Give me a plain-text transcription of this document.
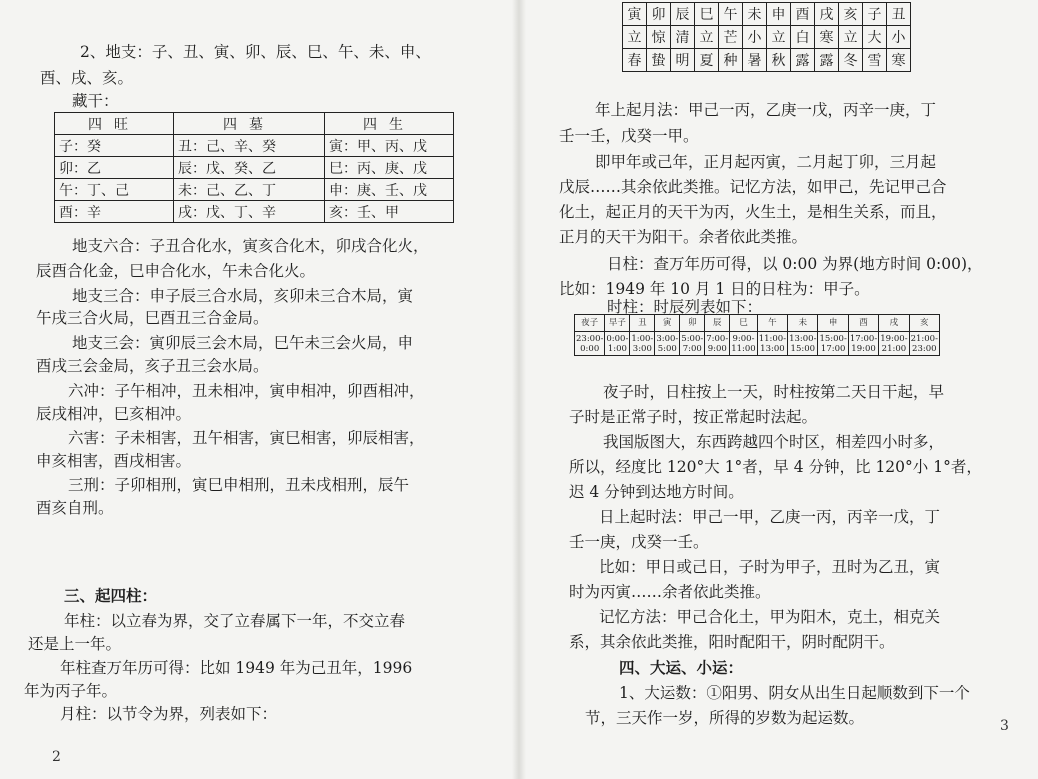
2、地支：子、丑、寅、卯、辰、巳、午、未、申、
酉、戌、亥。
藏干：
四旺	四墓	四生
子：癸	丑：己、辛、癸	寅：甲、丙、戊
卯：乙	辰：戊、癸、乙	巳：丙、庚、戊
午：丁、己	未：己、乙、丁	申：庚、壬、戊
酉：辛	戌：戊、丁、辛	亥：壬、甲
地支六合：子丑合化水，寅亥合化木，卯戌合化火，
辰酉合化金，巳申合化水，午未合化火。
地支三合：申子辰三合水局，亥卯未三合木局，寅
午戌三合火局，巳酉丑三合金局。
地支三会：寅卯辰三会木局，巳午未三会火局，申
酉戌三会金局，亥子丑三会水局。
六冲：子午相冲，丑未相冲，寅申相冲，卯酉相冲，
辰戌相冲，巳亥相冲。
六害：子未相害，丑午相害，寅巳相害，卯辰相害，
申亥相害，酉戌相害。
三刑：子卯相刑，寅巳申相刑，丑未戌相刑，辰午
酉亥自刑。
三、起四柱：
年柱：以立春为界，交了立春属下一年，不交立春
还是上一年。
年柱查万年历可得：比如 1949 年为己丑年，1996
年为丙子年。
月柱：以节令为界，列表如下：
2
寅	卯	辰	巳	午	未	申	酉	戌	亥	子	丑
立	惊	清	立	芒	小	立	白	寒	立	大	小
春	蛰	明	夏	种	暑	秋	露	露	冬	雪	寒
年上起月法：甲己一丙，乙庚一戊，丙辛一庚，丁
壬一壬，戊癸一甲。
即甲年或己年，正月起丙寅，二月起丁卯，三月起
戊辰……其余依此类推。记忆方法，如甲己，先记甲己合
化土，起正月的天干为丙，火生土，是相生关系，而且，
正月的天干为阳干。余者依此类推。
日柱：查万年历可得，以 0:00 为界(地方时间 0:00)，
比如：1949 年 10 月 1 日的日柱为：甲子。
时柱：时辰列表如下：
夜子	早子	丑	寅	卯	辰	巳	午	未	申	酉	戌	亥
23:00-
0:00	0:00-
1:00	1:00-
3:00	3:00-
5:00	5:00-
7:00	7:00-
9:00	9:00-
11:00	11:00-
13:00	13:00-
15:00	15:00-
17:00	17:00-
19:00	19:00-
21:00	21:00-
23:00
夜子时，日柱按上一天，时柱按第二天日干起，早
子时是正常子时，按正常起时法起。
我国版图大，东西跨越四个时区，相差四小时多，
所以，经度比 120°大 1°者，早 4 分钟，比 120°小 1°者，
迟 4 分钟到达地方时间。
日上起时法：甲己一甲，乙庚一丙，丙辛一戊，丁
壬一庚，戊癸一壬。
比如：甲日或己日，子时为甲子，丑时为乙丑，寅
时为丙寅……余者依此类推。
记忆方法：甲己合化土，甲为阳木，克土，相克关
系，其余依此类推，阳时配阳干，阴时配阴干。
四、大运、小运：
1、大运数：①阳男、阴女从出生日起顺数到下一个
节，三天作一岁，所得的岁数为起运数。	3
